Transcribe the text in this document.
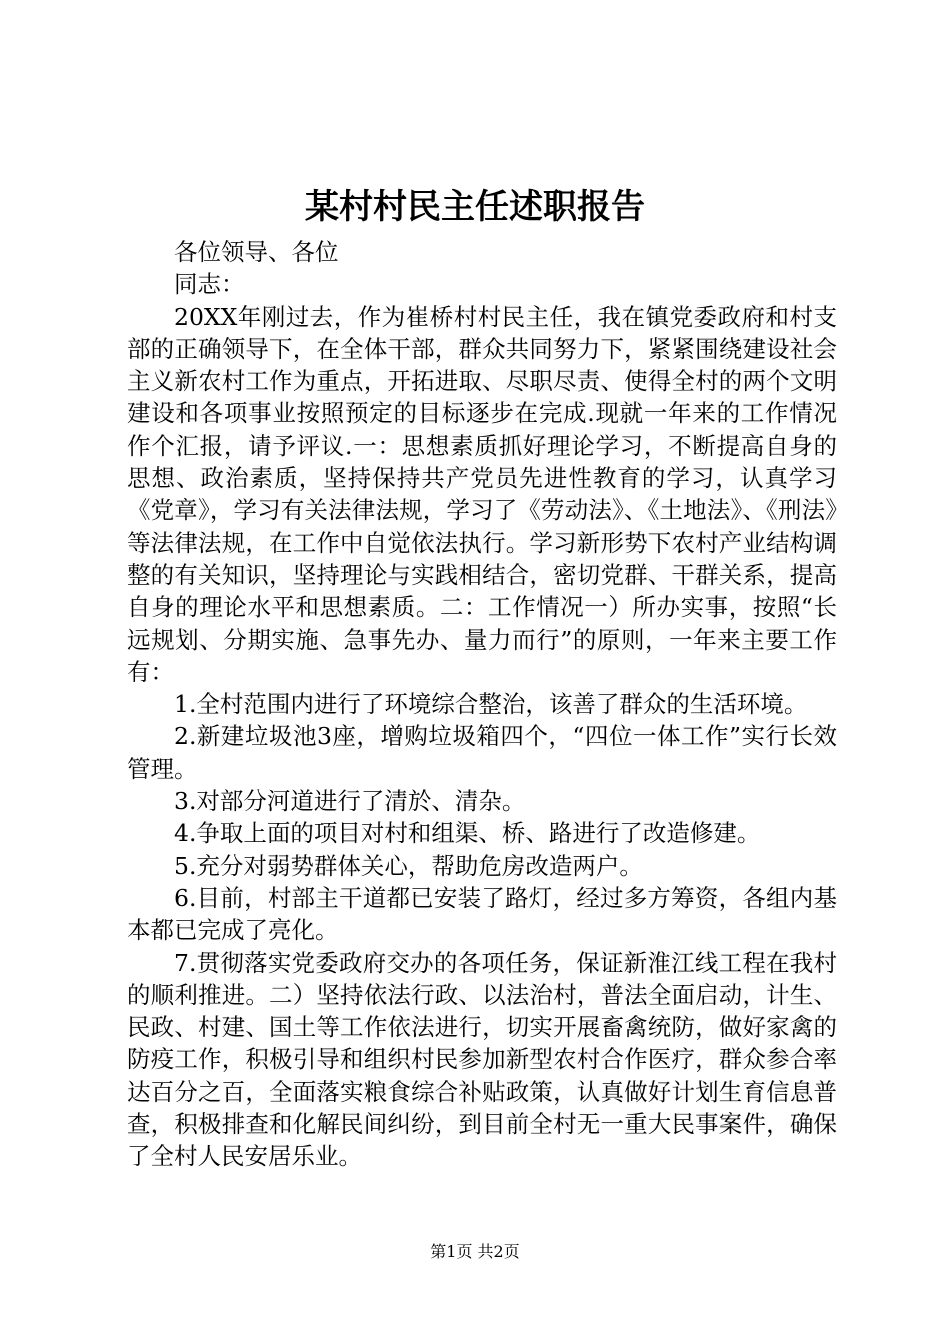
某村村民主任述职报告

各位领导、各位

同志：

20XX年刚过去，作为崔桥村村民主任，我在镇党委政府和村支部的正确领导下，在全体干部，群众共同努力下，紧紧围绕建设社会主义新农村工作为重点，开拓进取、尽职尽责、使得全村的两个文明建设和各项事业按照预定的目标逐步在完成.现就一年来的工作情况作个汇报，请予评议.一：思想素质抓好理论学习，不断提高自身的思想、政治素质，坚持保持共产党员先进性教育的学习，认真学习《党章》，学习有关法律法规，学习了《劳动法》、《土地法》、《刑法》等法律法规，在工作中自觉依法执行。学习新形势下农村产业结构调整的有关知识，坚持理论与实践相结合，密切党群、干群关系，提高自身的理论水平和思想素质。二：工作情况一）所办实事，按照“长远规划、分期实施、急事先办、量力而行”的原则，一年来主要工作有：

1.全村范围内进行了环境综合整治，该善了群众的生活环境。

2.新建垃圾池3座，增购垃圾箱四个，“四位一体工作”实行长效管理。

3.对部分河道进行了清於、清杂。

4.争取上面的项目对村和组渠、桥、路进行了改造修建。

5.充分对弱势群体关心，帮助危房改造两户。

6.目前，村部主干道都已安装了路灯，经过多方筹资，各组内基本都已完成了亮化。

7.贯彻落实党委政府交办的各项任务，保证新淮江线工程在我村的顺利推进。二）坚持依法行政、以法治村，普法全面启动，计生、民政、村建、国土等工作依法进行，切实开展畜禽统防，做好家禽的防疫工作，积极引导和组织村民参加新型农村合作医疗，群众参合率达百分之百，全面落实粮食综合补贴政策，认真做好计划生育信息普查，积极排查和化解民间纠纷，到目前全村无一重大民事案件，确保了全村人民安居乐业。

第1页 共2页
